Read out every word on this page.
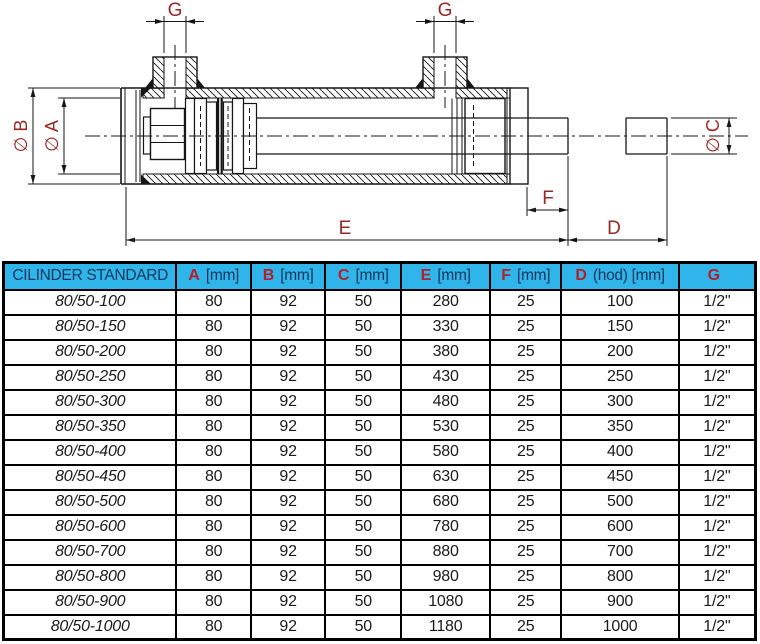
G	G
∅ B ∅ A	∅ C
E
F
D
CILINDER STANDARD	A [mm]	B [mm]	C [mm]	E [mm]	F [mm]	D (hod) [mm]	G
80/50-100	80	92	50	280	25	100	1/2"
80/50-150	80	92	50	330	25	150	1/2"
80/50-200	80	92	50	380	25	200	1/2"
80/50-250	80	92	50	430	25	250	1/2"
80/50-300	80	92	50	480	25	300	1/2"
80/50-350	80	92	50	530	25	350	1/2"
80/50-400	80	92	50	580	25	400	1/2"
80/50-450	80	92	50	630	25	450	1/2"
80/50-500	80	92	50	680	25	500	1/2"
80/50-600	80	92	50	780	25	600	1/2"
80/50-700	80	92	50	880	25	700	1/2"
80/50-800	80	92	50	980	25	800	1/2"
80/50-900	80	92	50	1080	25	900	1/2"
80/50-1000	80	92	50	1180	25	1000	1/2"
